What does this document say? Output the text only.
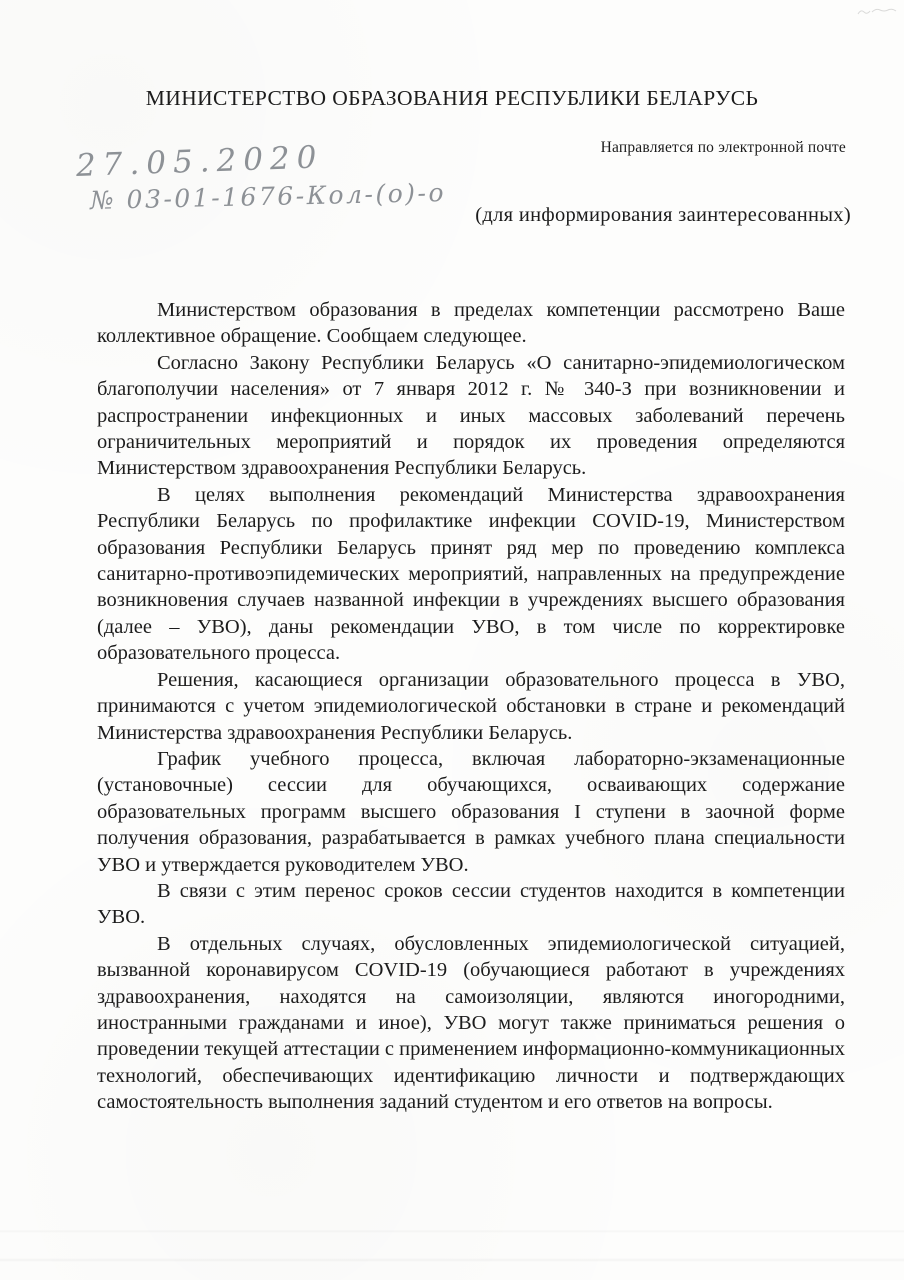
МИНИСТЕРСТВО ОБРАЗОВАНИЯ РЕСПУБЛИКИ БЕЛАРУСЬ
Направляется по электронной почте
27.05.2020
№ 03-01-1676-Кол-(о)-о
(для информирования заинтересованных)

Министерством образования в пределах компетенции рассмотрено Ваше коллективное обращение. Сообщаем следующее.

Согласно Закону Республики Беларусь «О санитарно-эпидемиологическом благополучии населения» от 7 января 2012 г. № 340-З при возникновении и распространении инфекционных и иных массовых заболеваний перечень ограничительных мероприятий и порядок их проведения определяются Министерством здравоохранения Республики Беларусь.

В целях выполнения рекомендаций Министерства здравоохранения Республики Беларусь по профилактике инфекции COVID-19, Министерством образования Республики Беларусь принят ряд мер по проведению комплекса санитарно-противоэпидемических мероприятий, направленных на предупреждение возникновения случаев названной инфекции в учреждениях высшего образования (далее – УВО), даны рекомендации УВО, в том числе по корректировке образовательного процесса.

Решения, касающиеся организации образовательного процесса в УВО, принимаются с учетом эпидемиологической обстановки в стране и рекомендаций Министерства здравоохранения Республики Беларусь.

График учебного процесса, включая лабораторно-экзаменационные (установочные) сессии для обучающихся, осваивающих содержание образовательных программ высшего образования I ступени в заочной форме получения образования, разрабатывается в рамках учебного плана специальности УВО и утверждается руководителем УВО.

В связи с этим перенос сроков сессии студентов находится в компетенции УВО.

В отдельных случаях, обусловленных эпидемиологической ситуацией, вызванной коронавирусом COVID-19 (обучающиеся работают в учреждениях здравоохранения, находятся на самоизоляции, являются иногородними, иностранными гражданами и иное), УВО могут также приниматься решения о проведении текущей аттестации с применением информационно-коммуникационных технологий, обеспечивающих идентификацию личности и подтверждающих самостоятельность выполнения заданий студентом и его ответов на вопросы.
